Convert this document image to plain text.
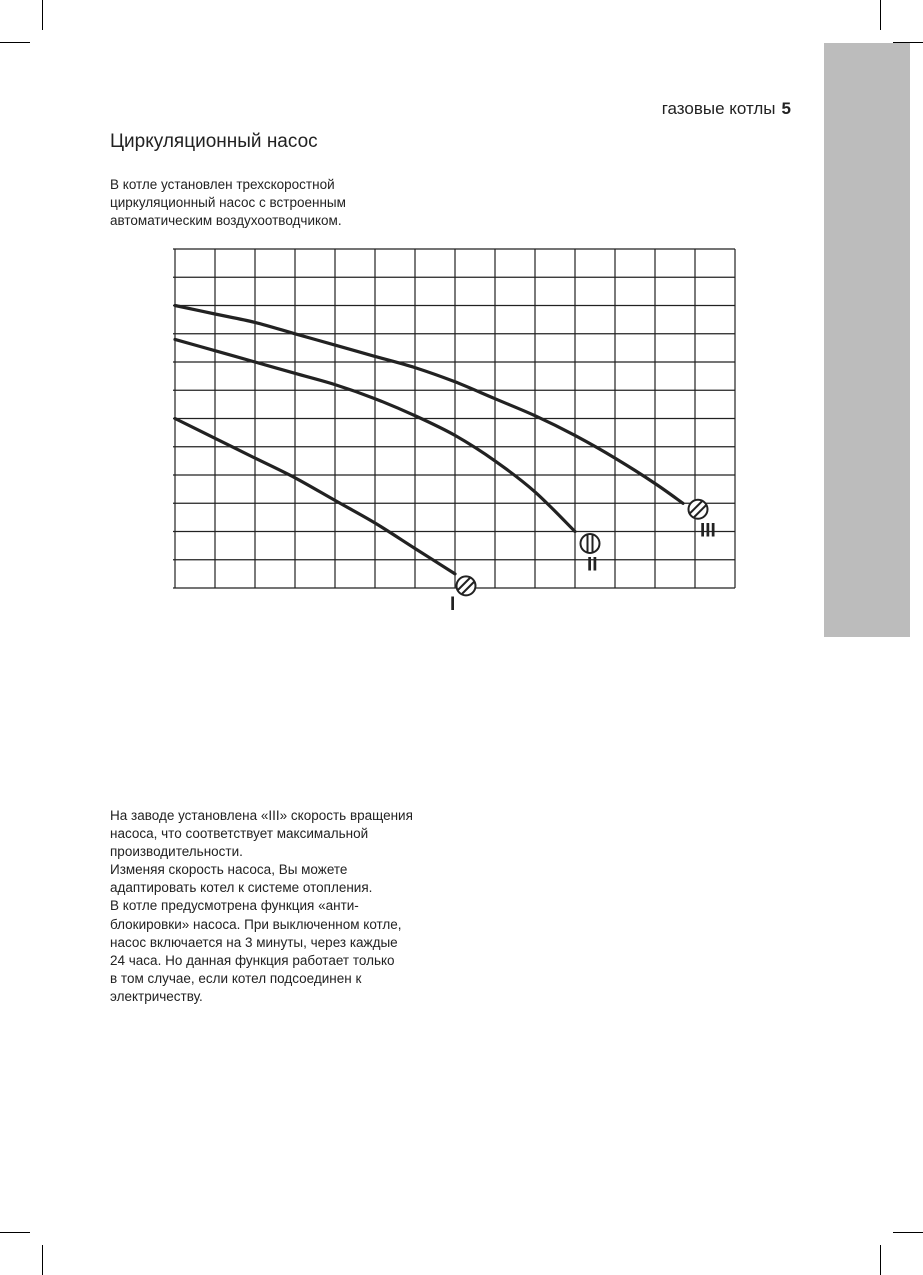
газовые котлы 5
Циркуляционный насос
В котле установлен трехскоростной
циркуляционный насос с встроенным
автоматическим воздухоотводчиком.
I
II
III
На заводе установлена «III» скорость вращения
насоса, что соответствует максимальной
производительности.
Изменяя скорость насоса, Вы можете
адаптировать котел к системе отопления.
В котле предусмотрена функция «анти-
блокировки» насоса. При выключенном котле,
насос включается на 3 минуты, через каждые
24 часа. Но данная функция работает только
в том случае, если котел подсоединен к
электричеству.
